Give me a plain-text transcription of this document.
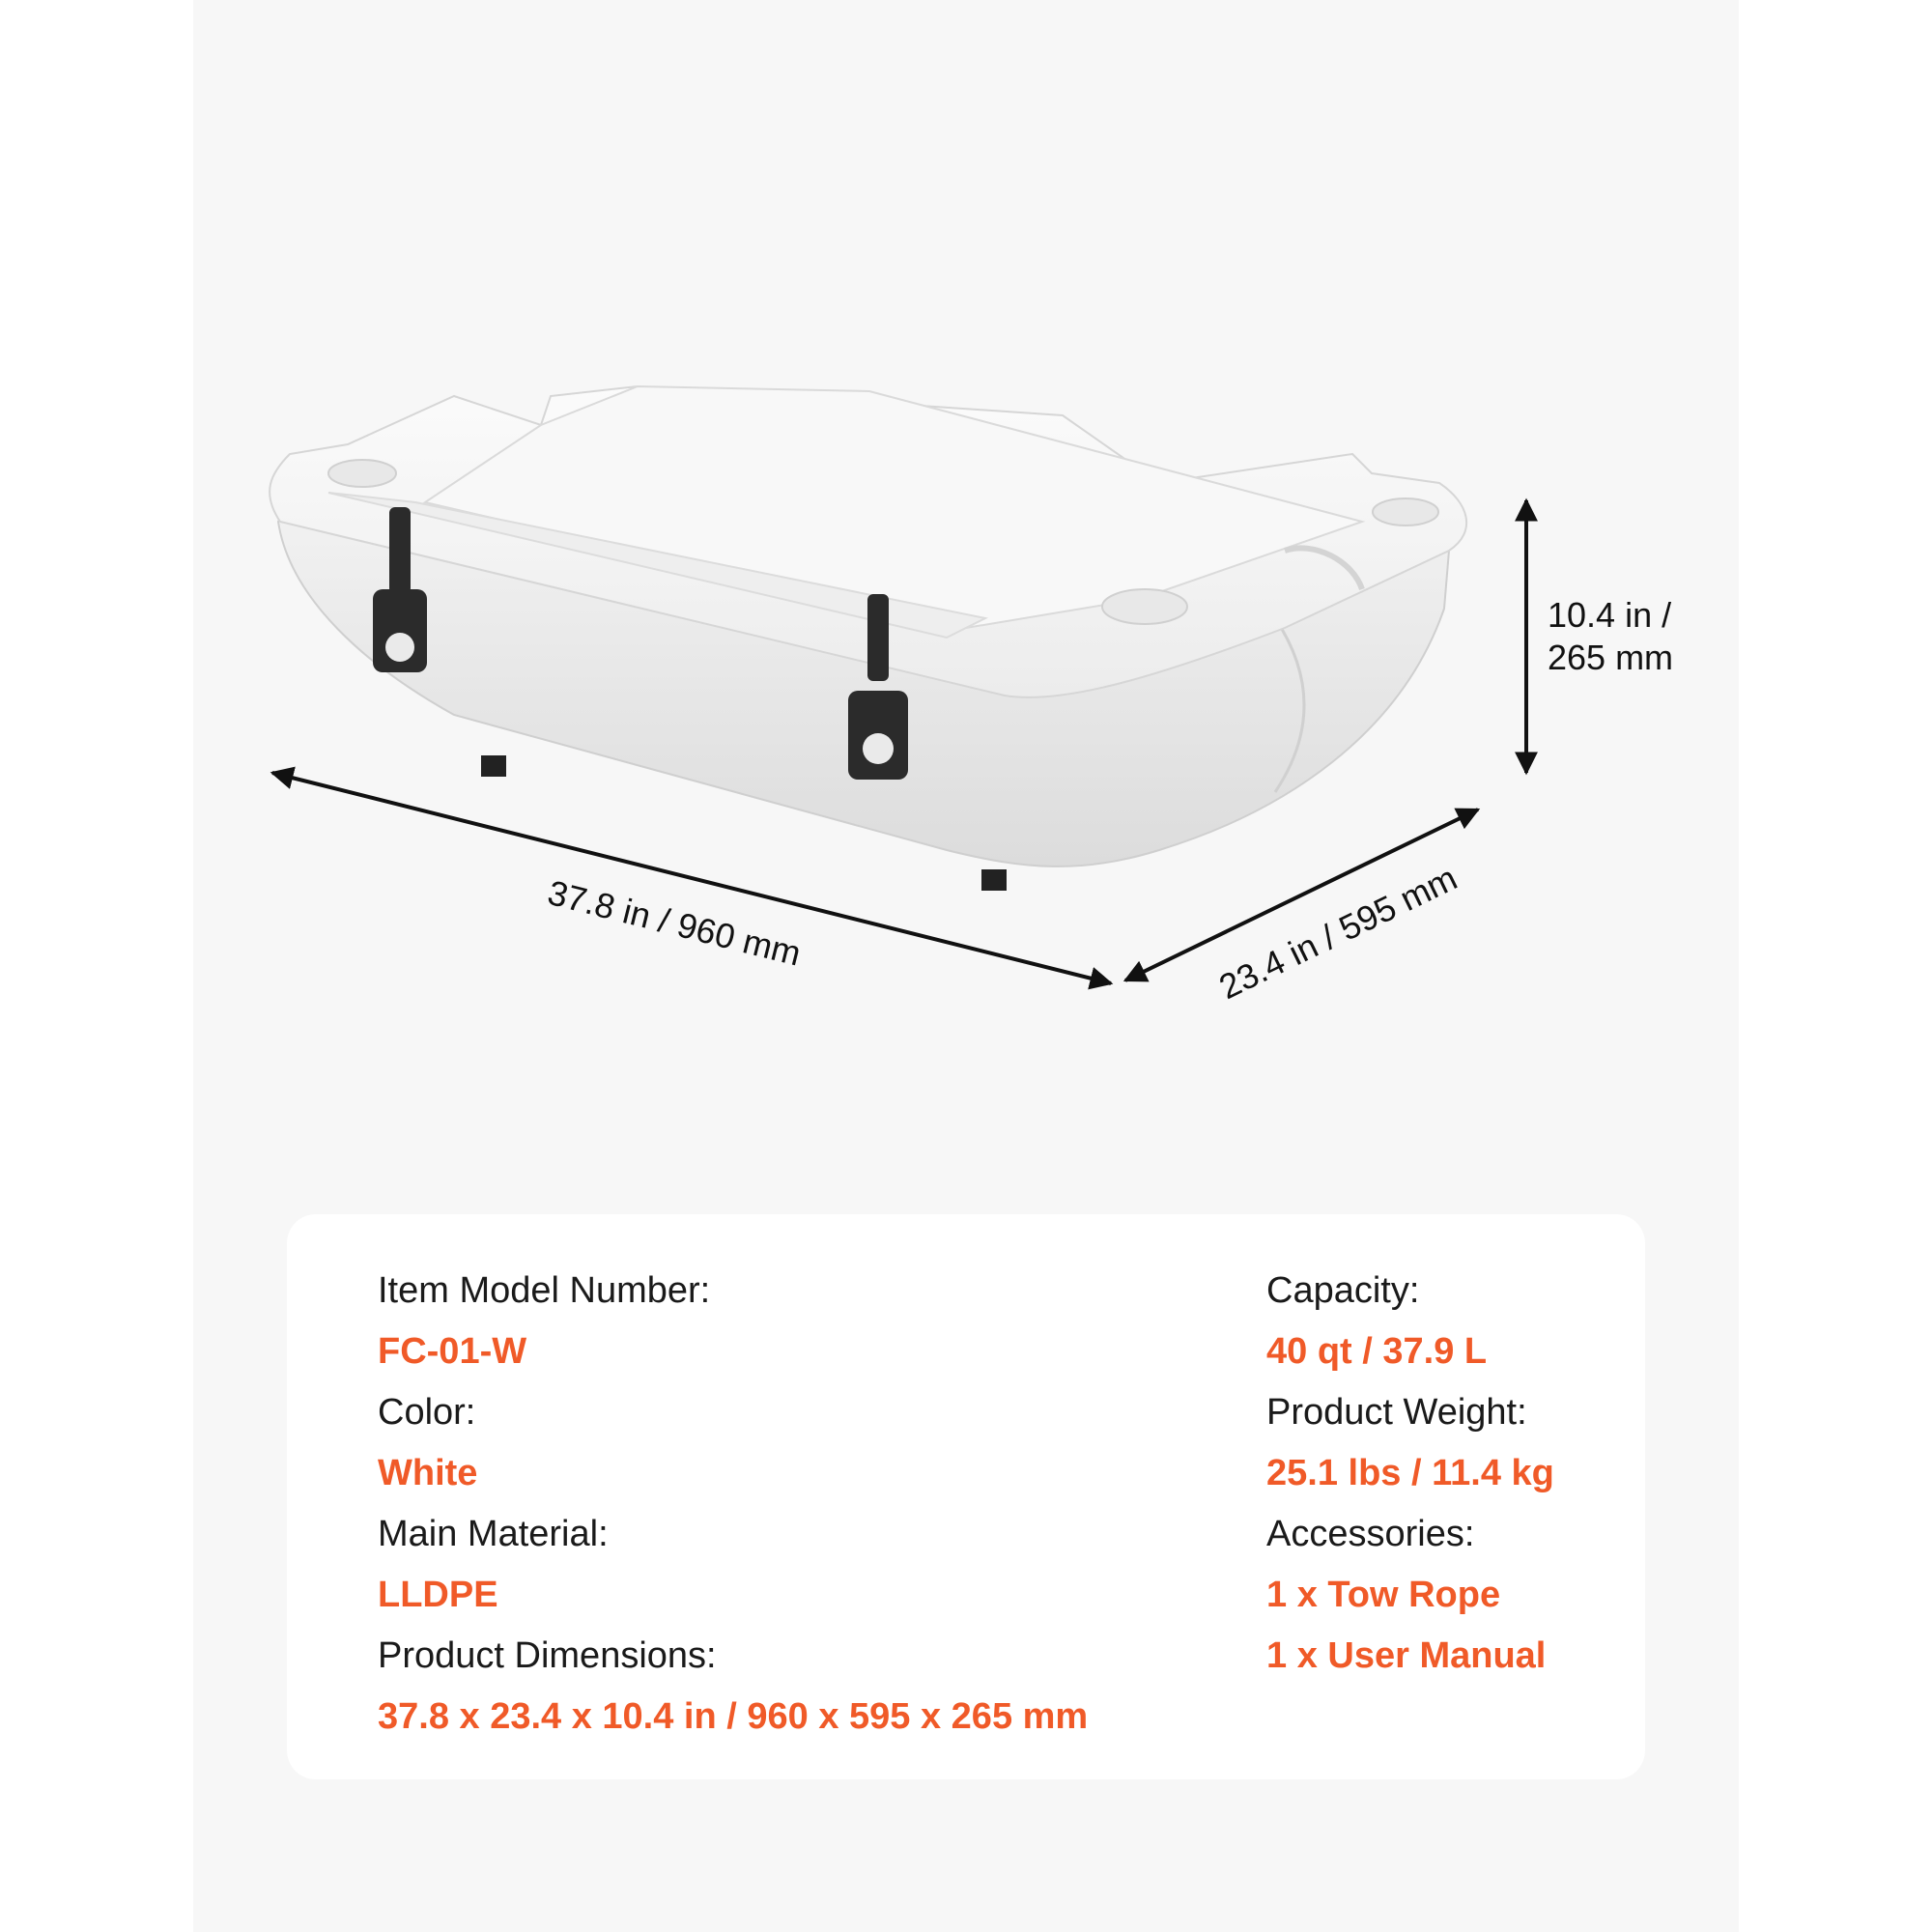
37.8 in / 960 mm	23.4 in / 595 mm
10.4 in /
265 mm
Item Model Number:
FC-01-W
Color:
White
Main Material:
LLDPE
Product Dimensions:
37.8 x 23.4 x 10.4 in / 960 x 595 x 265 mm
Capacity:
40 qt / 37.9 L
Product Weight:
25.1 lbs / 11.4 kg
Accessories:
1 x Tow Rope
1 x User Manual
